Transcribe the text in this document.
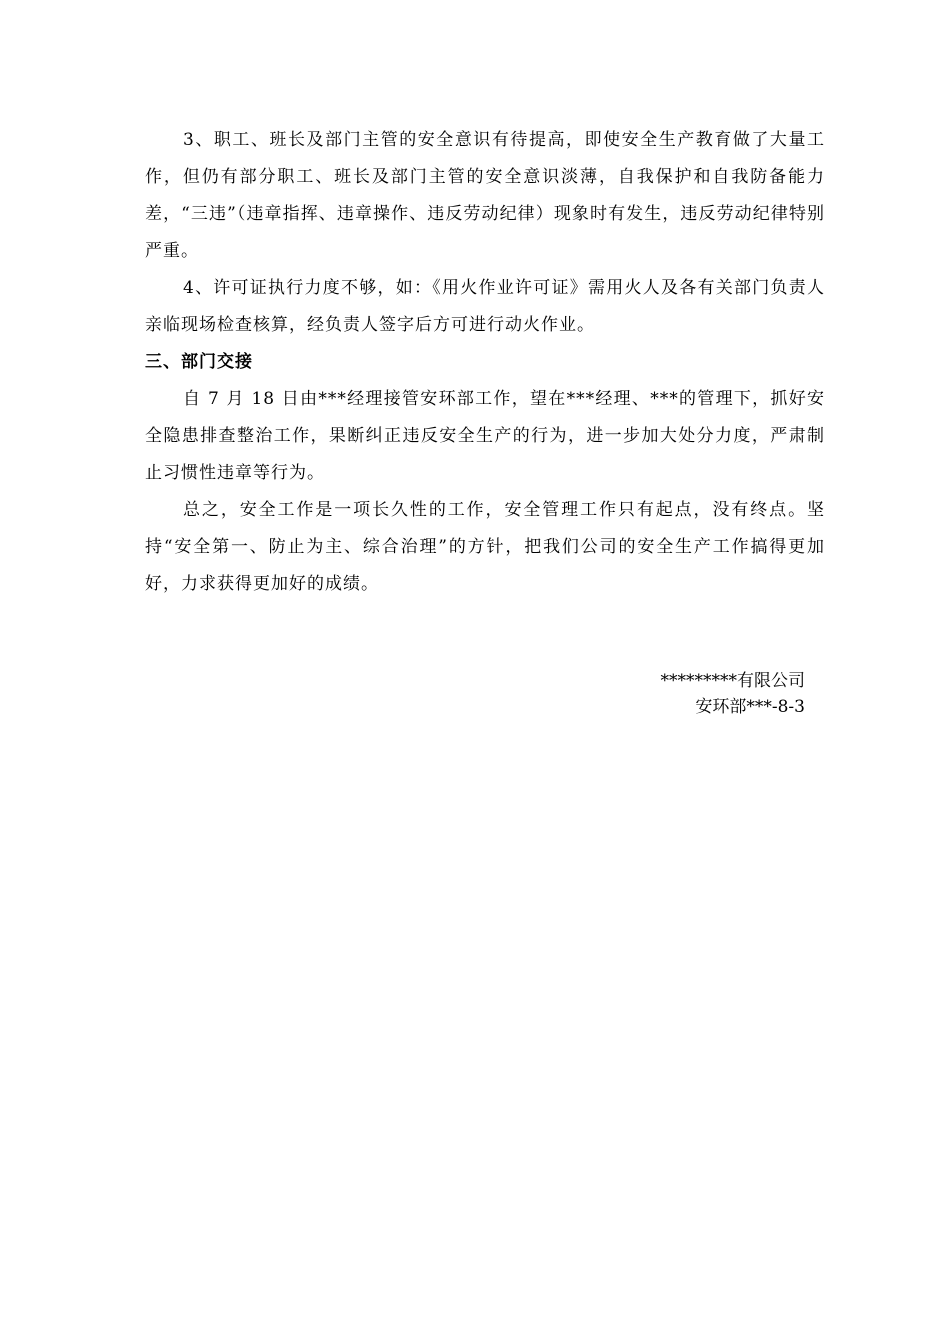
3、职工、班长及部门主管的安全意识有待提高，即使安全生产教育做了大量工作，但仍有部分职工、班长及部门主管的安全意识淡薄，自我保护和自我防备能力差，“三违”（违章指挥、违章操作、违反劳动纪律）现象时有发生，违反劳动纪律特别严重。

4、许可证执行力度不够，如：《用火作业许可证》需用火人及各有关部门负责人亲临现场检查核算，经负责人签字后方可进行动火作业。

三、部门交接

自 7 月 18 日由***经理接管安环部工作，望在***经理、***的管理下，抓好安全隐患排查整治工作，果断纠正违反安全生产的行为，进一步加大处分力度，严肃制止习惯性违章等行为。

总之，安全工作是一项长久性的工作，安全管理工作只有起点，没有终点。坚持“安全第一、防止为主、综合治理”的方针，把我们公司的安全生产工作搞得更加好，力求获得更加好的成绩。

*********有限公司
安环部***-8-3
